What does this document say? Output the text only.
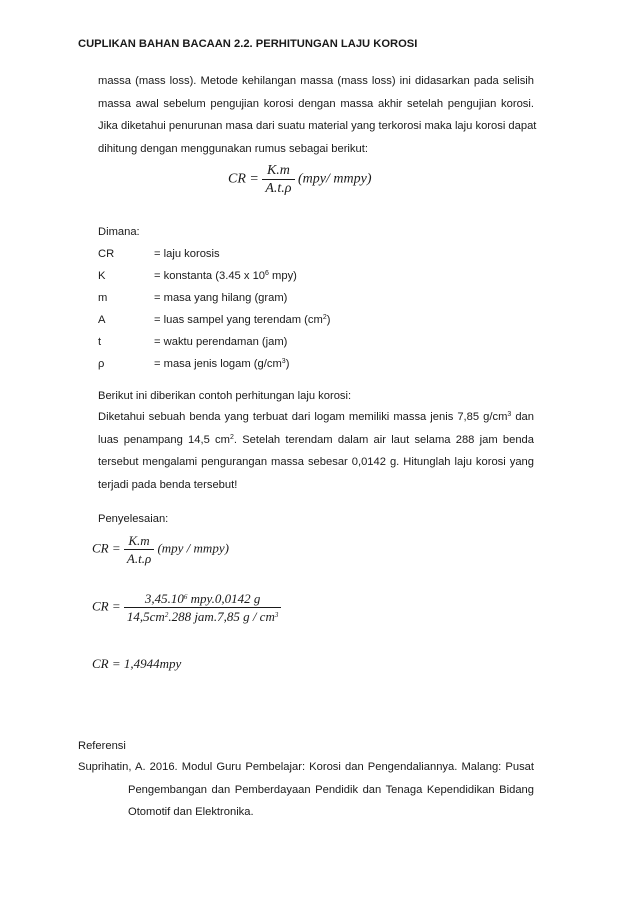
CUPLIKAN BAHAN BACAAN 2.2. PERHITUNGAN LAJU KOROSI
massa (mass loss). Metode kehilangan massa (mass loss) ini didasarkan pada selisih
massa awal sebelum pengujian korosi dengan massa akhir setelah pengujian korosi.
Jika diketahui penurunan masa dari suatu material yang terkorosi maka laju korosi dapat
dihitung dengan menggunakan rumus sebagai berikut:
CR = $\frac{K.m}{A.t.\rho} (mpy/$ mmpy)
Dimana:
CR	= laju korosis
K	= konstanta (3.45 x $10^6$ mpy)
m	= masa yang hilang (gram)
A	= luas sampel yang terendam $(cm^2)$
t	= waktu perendaman (jam)
ρ	= masa jenis logam $(g/cm^3)$
Berikut ini diberikan contoh perhitungan laju korosi:
Diketahui sebuah benda yang terbuat dari logam memiliki massa jenis 7,85 $g/cm^3$ dan
luas penampang 14,5 $cm^2$. Setelah terendam dalam air laut selama 288 jam benda
tersebut mengalami pengurangan massa sebesar 0,0142 g. Hitunglah laju korosi yang
terjadi pada benda tersebut!
Penyelesaian:
CR = $\frac{K.m}{A.t.\rho} (mpy$ / mmpy)
CR = $\frac{3,45.10^6 mpy.0,0142 g}{14,5cm^2.288 jam.7,85 g / cm^3}$
CR = 1,4944mpy
Referensi
Suprihatin, A. 2016. Modul Guru Pembelajar: Korosi dan Pengendaliannya. Malang: Pusat
Pengembangan dan Pemberdayaan Pendidik dan Tenaga Kependidikan Bidang
Otomotif dan Elektronika.
